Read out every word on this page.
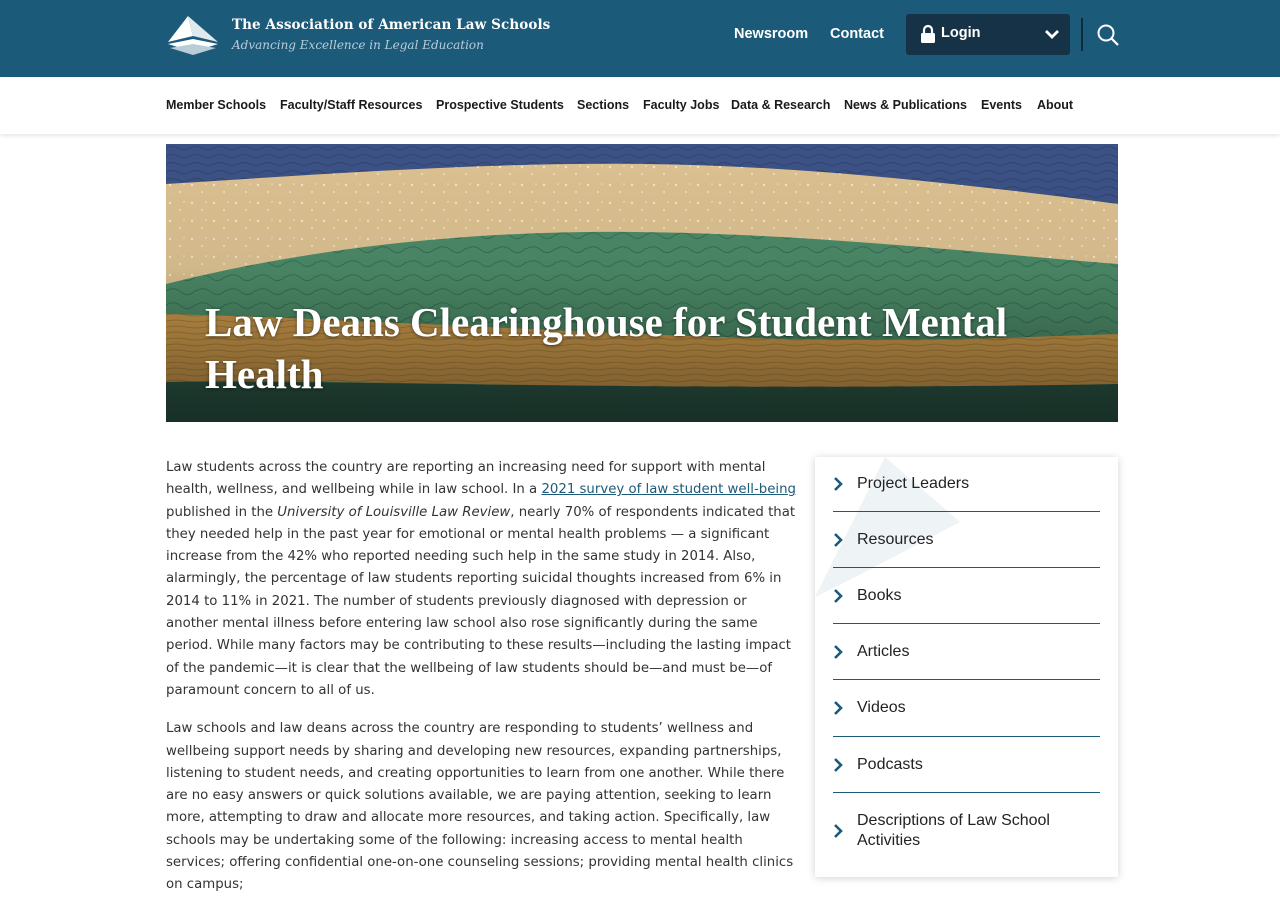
The Association of American Law Schools
Advancing Excellence in Legal Education
Newsroom Contact	Login
Member Schools Faculty/Staff Resources Prospective Students Sections Faculty Jobs Data & Research News & Publications Events About
Law Deans Clearinghouse for Student Mental Health

Law students across the country are reporting an increasing need for support with mental health, wellness, and wellbeing while in law school. In a 2021 survey of law student well-being published in the University of Louisville Law Review, nearly 70% of respondents indicated that they needed help in the past year for emotional or mental health problems — a significant increase from the 42% who reported needing such help in the same study in 2014. Also, alarmingly, the percentage of law students reporting suicidal thoughts increased from 6% in 2014 to 11% in 2021. The number of students previously diagnosed with depression or another mental illness before entering law school also rose significantly during the same period. While many factors may be contributing to these results—including the lasting impact of the pandemic—it is clear that the wellbeing of law students should be—and must be—of paramount concern to all of us.

Law schools and law deans across the country are responding to students’ wellness and wellbeing support needs by sharing and developing new resources, expanding partnerships, listening to student needs, and creating opportunities to learn from one another. While there are no easy answers or quick solutions available, we are paying attention, seeking to learn more, attempting to draw and allocate more resources, and taking action. Specifically, law schools may be undertaking some of the following: increasing access to mental health services; offering confidential one-on-one counseling sessions; providing mental health clinics on campus;

Project Leaders
Resources
Books
Articles
Videos
Podcasts
Descriptions of Law School Activities
